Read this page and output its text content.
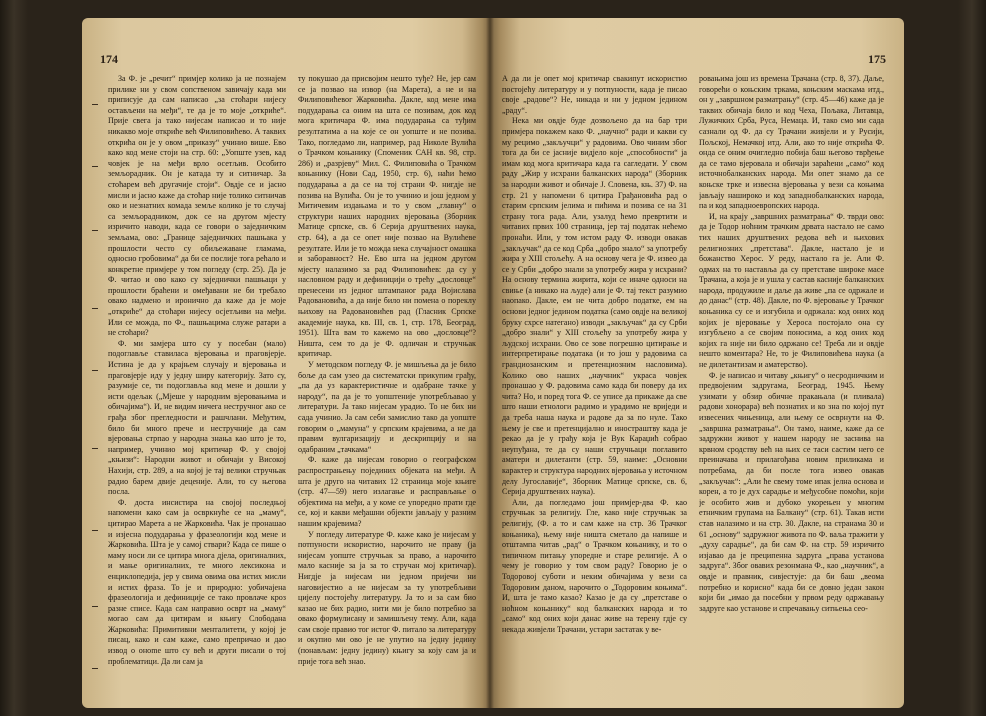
174

За Ф. је „речит“ примјер колико ја не познајем прилике ни у свом сопственом завичају када ми приписује да сам написао „за стоћари нијесу остављени на међи“, те да је то моје „откриће“. Прије свега ја тако нијесам написао и то није никакво моје откриће већ Филиповићево. А таквих открића он је у овом „приказу“ учинио више. Ево како код мене стоји на стр. 60: „Уопште узев, кад човјек је на међи врло осетљив. Особито земљорадник. Он је катада ту и ситничар. За стоћарем већ другачије стоји“. Овдје се и јасно мисли и јасно каже да стоћар није толико ситничав око и незнатних комада земље колико је то случај са земљорадником, док се на другом мјесту изричито наводи, када се говори о заједничким земљама, ово: „Границе заједничких пашњака у прошлости често су обиљежаване гламама, односно гробовима“ да би се послије тога рећало и конкретне примјере у том погледу (стр. 25). Да је Ф. читао и ово како су заједнички пашњаци у прошлости браћени и омеђавани не би требало овако надмено и иронично да каже да је моје „откриће“ да стоћари нијесу осјетљиви на међи. Или се можда, по Ф., пашњацима служе ратари а не стоћари?

Ф. ми замјера што су у посебан (мало) подоглавље ставиласа вјеровања и праговјерје. Истина је да у крајњем случају и вјеровања и праговјерје иду у једну ширу категорију. Зато су, разумије се, ти подоглавља код мене и дошли у исти одељак („Мјеше у народним вјеровањима и обичајима“). И, не видим ничега нестручног ако се грађа због прегледности и рашчлани. Међутим, било би много прече и нестручније да сам вјеровања стрпао у народна знања као што је то, например, учинио мој критичар Ф. у својој „књизи“: Народни живот и обичаји у Високој Нахији, стр. 289, а на којој је тај велики стручњак радио барем двије деценије. Али, то су његова посла.

Ф. доста инсистира на својој последњој напомени како сам ја освркнуће се на „маму“, цитирао Марета а не Жарковића. Чак је пронашао и изјесна подударања у фразеологији код мене и Жарковића. Шта је у самој ствари? Када се пише о маму носи ли се цитира многа дјела, оригиналних, и мање оригиналних, те много лексикона и енциклопедија, јер у свима овима ова истих мисли и истих фраза. То је и природно: уобичајена фразеологија и дефиниције се тако провлаче кроз разне списе. Када сам направио осврт на „маму“ могао сам да цитирам и књигу Слободана Жарковића: Примитивни менталитети, у којој је писац, како и сам каже, само препричао и дао извод о онome што су већ и други писали о тој проблематици. Да ли сам ја

ту покушао да присвојим нешто туђе? Не, јер сам се ја позвао на извор (на Марета), а не и на Филиповићевог Жарковића. Дакле, код мене има подударања са оним на шта се позивам, док код мога критичара Ф. има подударања са туђим резултатима а на које се он уопште и не позива. Тако, погледамо ли, например, рад Николе Вулића о Трачком коњанику (Споменик САН кв. 98, стр. 286) и „разрјеву“ Мил. С. Филиповића о Трачком коњанику (Нови Сад, 1950, стр. 6), наћи ћемо подударања а да се на тој страни Ф. нигдје не позива на Вулића. Он је то учинио и још једном у Митичевим издањама и то у свом „главну“ о структури наших народних вјеровања (Зборник Матице српске, св. 6 Серија друштвених наука, стр. 64), а да се опет није позвао на Вулићеве резултате. Или је то можда нека случајност омашка и заборавност? Не. Ево шта на једном другом мјесту налазимо за рад Филиповићев: да су у насловном раду и дефиницији о трећу „дословце“ пренесени из једног штампаног рада Војислава Радовановића, а да није било ни помена о пореклу њихову на Радовановићев рад (Гласник Српске академије наука, кв. III, св. 1, стр. 178, Београд, 1951). Шта вам то кажемо на ово „дословце“? Ништа, сем то да је Ф. одличан и стручњак критичар.

У методском погледу Ф. је мишљења да је било боље да сам узео да систематски прикупим грађу, „па да уз карактеристичне и одабране тачке у народу“, па да је то уопштеније употребљавао у литератури. Ја тако нијесам урадио. То не бих ни сада учинио. Ја сам себи замислио тако да уопште говорим о „мамуна“ у српским крајевима, а не да правим вулгаризацију и дескрипцију и на одабраним „тачкама“

Ф. каже да нијесам говорио о географском распрострањењу појединих објеката на међи. А шта је друго на читавих 12 страница моје књиге (стр. 47—59) него излагање и расправљање о објектима на међи, а у коме се упоредно прати где се, кој и какви међашни објекти јављају у разним нашим крајевима?

У погледу литературе Ф. каже како је нијесам у потпуности искористио, нарочито не праву (ја нијесам уопште стручњак за право, а нарочито мало касније за ја за то стручан мој критичар). Нигдје ја нијесам ни једном пријечи ни наговијестио а не нијесам за ту употребљиви цијелу постојећу литературу. Ја то и за сам био казао не бих радио, нити ми је било потребно за овако формулисану и замишљену тему. Али, када сам своје правио тог истог Ф. питало за литературу и окупио ми ово је не упутио на једну једину (понављам: једну једину) књигу за коју сам ја и прије тога већ знао.

175

А да ли је опет мој критичар свакипут искористио постојећу литературу и у потпуности, када је писао своје „радове“? Не, никада и ни у једном једином „раду“.

Нека ми овдје буде дозвољено да на бар три примјера покажем како Ф. „научно“ ради и какви су му рецимо „закључци“ у радовима. Ово чиним због тога да би се јасније видјело које „способности“ ја имам код мога критичара када га сагледати. У свом раду „Жир у исхрани балканских народа“ (Зборник за народни живот и обичаје Ј. Словена, књ. 37) Ф. на стр. 21 у напомени 6 цитира Грађановића рад о старим српским јелима и пићима и позива се на 31 страну тога рада. Али, узалуд ћемо превртити и читавих првих 100 страница, јер тај податак нећемо пронаћи. Или, у том истом раду Ф. изводи овакав „закључак“ да се код Срба „добро знало“ за употребу жира у XIII стољећу. А на основу чега је Ф. извео да се у Срби „добро знали за употребу жира у исхрани? На основу термина жирита, који се иначе односи на свиње (а никако на људе) али је Ф. тај текст разумио наопако. Дакле, ем не чита добро податке, ем на основи једног једином податка (само овдје на великој бруку схрсе натегано) изводи „закључак“ да су Срби „добро знали“ у XIII стољећу за употребу жира у људској исхрани. Ово се зове погрешно цитирање и интерпретирање података (и то још у радовима са грандиозанским и претенциозним насловима). Колико ово наших „научник“ украса човјек пронашао у Ф. радовима само када би поверу да их чита? Но, и поред тога Ф. се уписе да прикаже да све што наши етнологи радимо и урадимо не вриједи и да треба наша наука и радове да за по нуле. Тако њему је све и претенцијално и иностраштву када је рекао да је у грађу која је Вук Караџић cобрао неупуђана, те да су наши стручњаци поглавито аматери и дилетанти (стр. 59, наиме: „Основни карактер и структура народних вјеровања у источном делу Југославије“, Зборник Матице српске, св. 6, Серија друштвених наука).

Али, да погледамо још примјер-два Ф. као стручњак за религију. Гле, како није стручњак за религију, (Ф. а то и сам каже на стр. 36 Трачког коњаника), њему није ништа сметало да напише и отштампа читав „рад“ о Трачком коњанику, и то о типичном питању упоредне и старе религије. А о чему је говорио у том свом раду? Говорио је о Тодоровој суботи и неким обичајима у вези са Тодоровим даном, нарочито о „Тодоровим коњима“. И, шта је тамо казао? Казао је да су „претставе о ноћном коњанику“ код балканских народа и то „само“ код оних који данас живе на терену гдје су некада живјели Трачани, устари застатак у ве-

ровањима још из времена Трачана (стр. 8, 37). Даље, говорећи о коњским тркама, коњским маскама итд., он у „завршном разматрању“ (стр. 45—46) каже да је таквих обичаја било и код Чеха, Пољака, Литавца, Лужичких Срба, Руса, Немаца. И, тако смо ми сада сазнали од Ф. да су Трачани живјели и у Русији, Пољској, Немачкој итд. Али, ако то није открића Ф. онда се оним очигледно побија баш његово тврђење да се тамо вјеровала и обичаји зараћени „само“ код источнобалканских народа. Ми опет знамо да се коњске трке и извесна вјеровања у вези са коњима јављају нашироко и код западнобалканских народа, па и код западноевропских народа.

И, на крају „завршних разматрања“ Ф. тврди ово: да је Тодор ноћним трачким дрвата настало не само тих наших друштвених редова већ и њихових религиозних „претстава“. Дакле, настало је и божанство Херос. У реду, настало га је. Али Ф. одмах на то наставља да су претставе широке масе Трачана, а која је и ушла у састав касније балканских народа, продужиле и даље да живе „па се одржале и до данас“ (стр. 48). Дакле, по Ф. вјеровање у Трачког коњаника су се и изгубила и одржала: код оних код којих је вјеровање у Хероса постојало она су изгубљено а се својим поносима, а код оних код којих га није ни било одржано се! Треба ли и овдје нешто коментара? Не, то је Филиповићева наука (а не дилетантизам и аматерство).

Ф. је написао и читаву „књигу“ о несродничким и предвојеним задругама, Београд, 1945. Њему узимати у обзир обичне пракањала (и пливала) радови хонорара) већ познатих и ко зна по којој пут извесених чињеница, али њему се осврнути на Ф. „завршна разматрања“. Он тамо, наиме, каже да се задружни живот у нашем народу не заснива на крвном сродству већ на њих се таси састим него се преиначава и прилагођава новим приликама и потребама, да би после тога извео овакав „закључак“: „Али ће свему томе ипак јелна основа и корен, а то је дух сарадње и међусобне помоћи, који је особито жив и дубоко укорењен у многим етничким групама на Балкану“ (стр. 61). Такав исти став налазимо и на стр. 30. Дакле, на странама 30 и 61 „основу“ задружног живота по Ф. ваља тражити у „духу сарадње“, да би сам Ф. на стр. 59 изричито изјавао да је преципенна задруга „права установа задруга“. Због овавих резонмана Ф., као „научник“, а овдје и правник, сивјестује: да би баш „веома потребно и корисно“ када би се довно један закон који би „имао да посебни у првом реду одржавању задруге као установе и спречавању ситњења сео-
